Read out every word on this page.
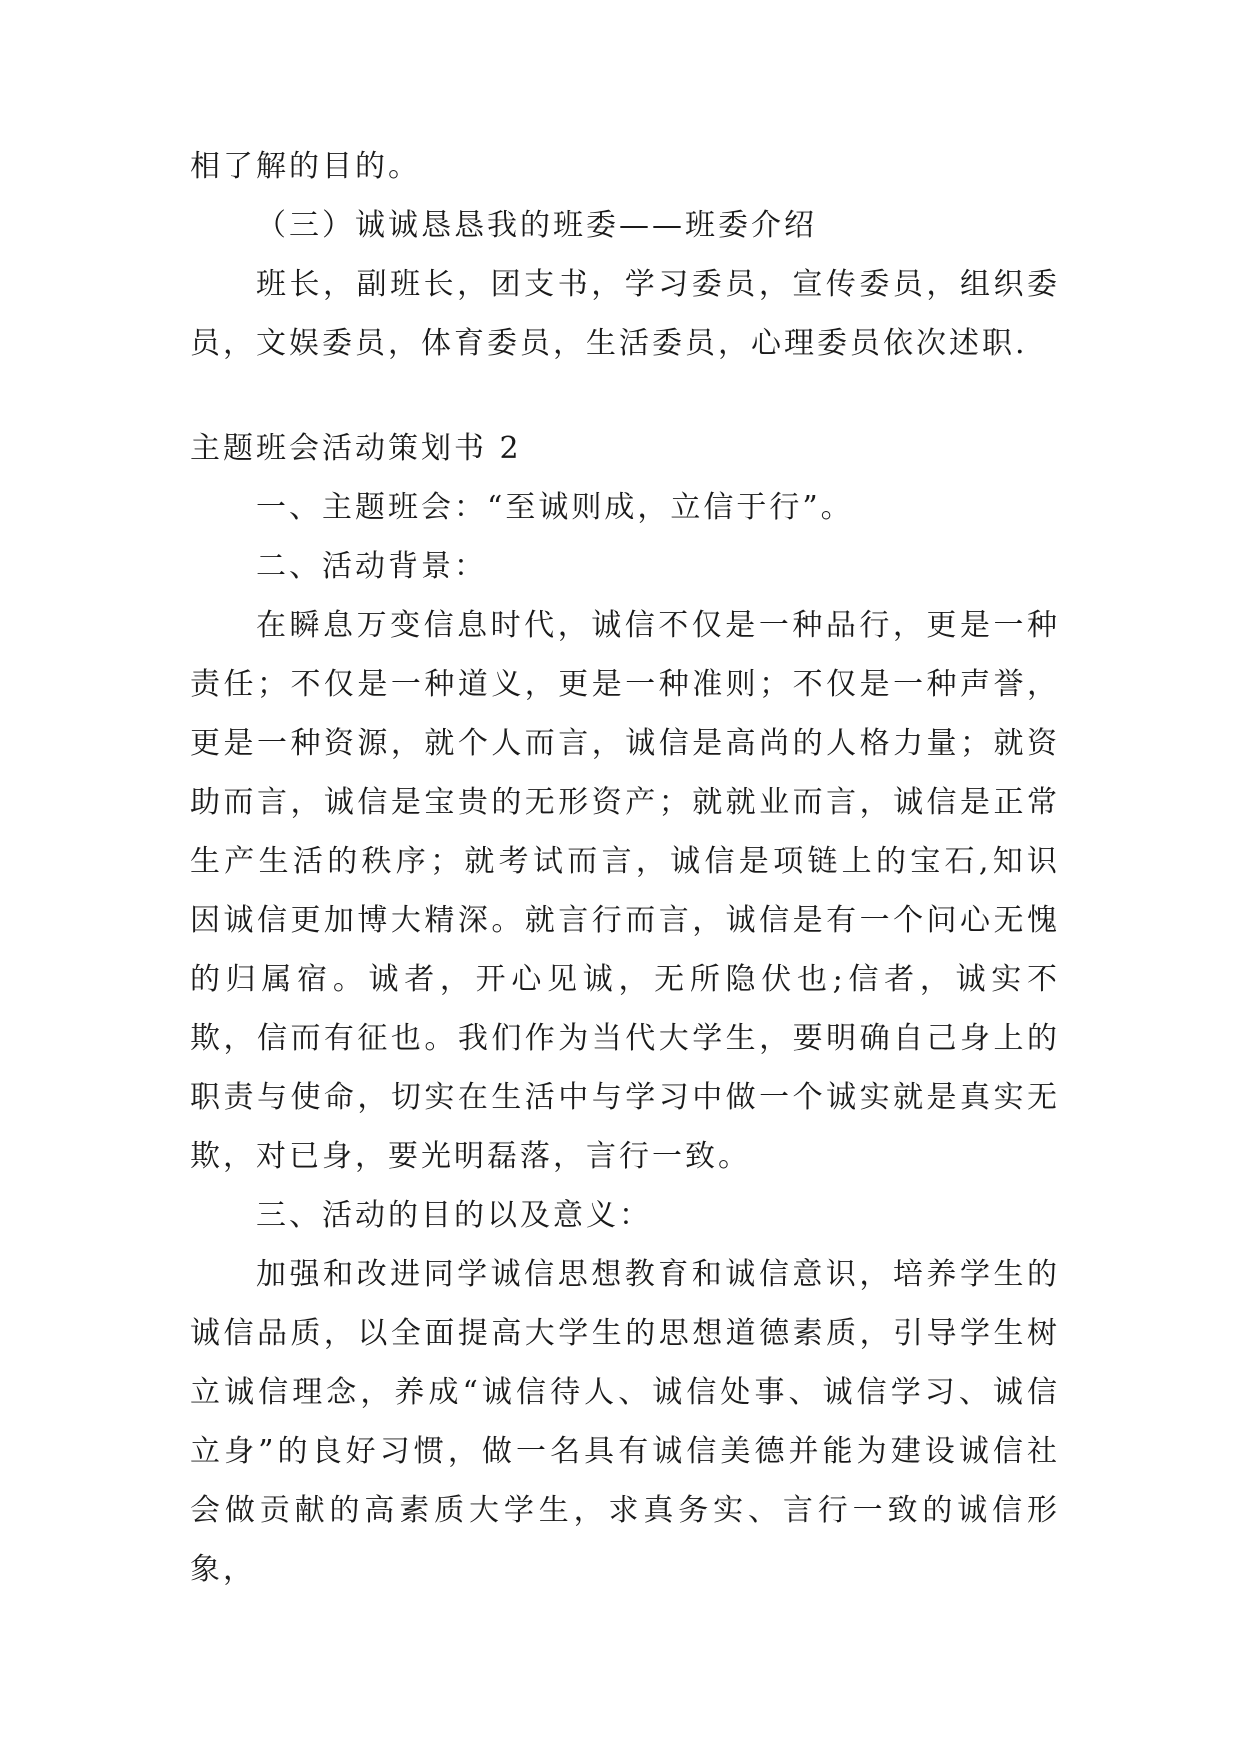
相了解的目的。

（三）诚诚恳恳我的班委——班委介绍

班长，副班长，团支书，学习委员，宣传委员，组织委员，文娱委员，体育委员，生活委员，心理委员依次述职.

主题班会活动策划书 2

一、主题班会：“至诚则成，立信于行”。

二、活动背景：

在瞬息万变信息时代，诚信不仅是一种品行，更是一种责任；不仅是一种道义，更是一种准则；不仅是一种声誉，更是一种资源，就个人而言，诚信是高尚的人格力量；就资助而言，诚信是宝贵的无形资产；就就业而言，诚信是正常生产生活的秩序；就考试而言，诚信是项链上的宝石,知识因诚信更加博大精深。就言行而言，诚信是有一个问心无愧的归属宿。诚者，开心见诚，无所隐伏也;信者，诚实不欺，信而有征也。我们作为当代大学生，要明确自己身上的职责与使命，切实在生活中与学习中做一个诚实就是真实无欺，对已身，要光明磊落，言行一致。

三、活动的目的以及意义：

加强和改进同学诚信思想教育和诚信意识，培养学生的诚信品质，以全面提高大学生的思想道德素质，引导学生树立诚信理念，养成“诚信待人、诚信处事、诚信学习、诚信立身”的良好习惯，做一名具有诚信美德并能为建设诚信社会做贡献的高素质大学生，求真务实、言行一致的诚信形象，
